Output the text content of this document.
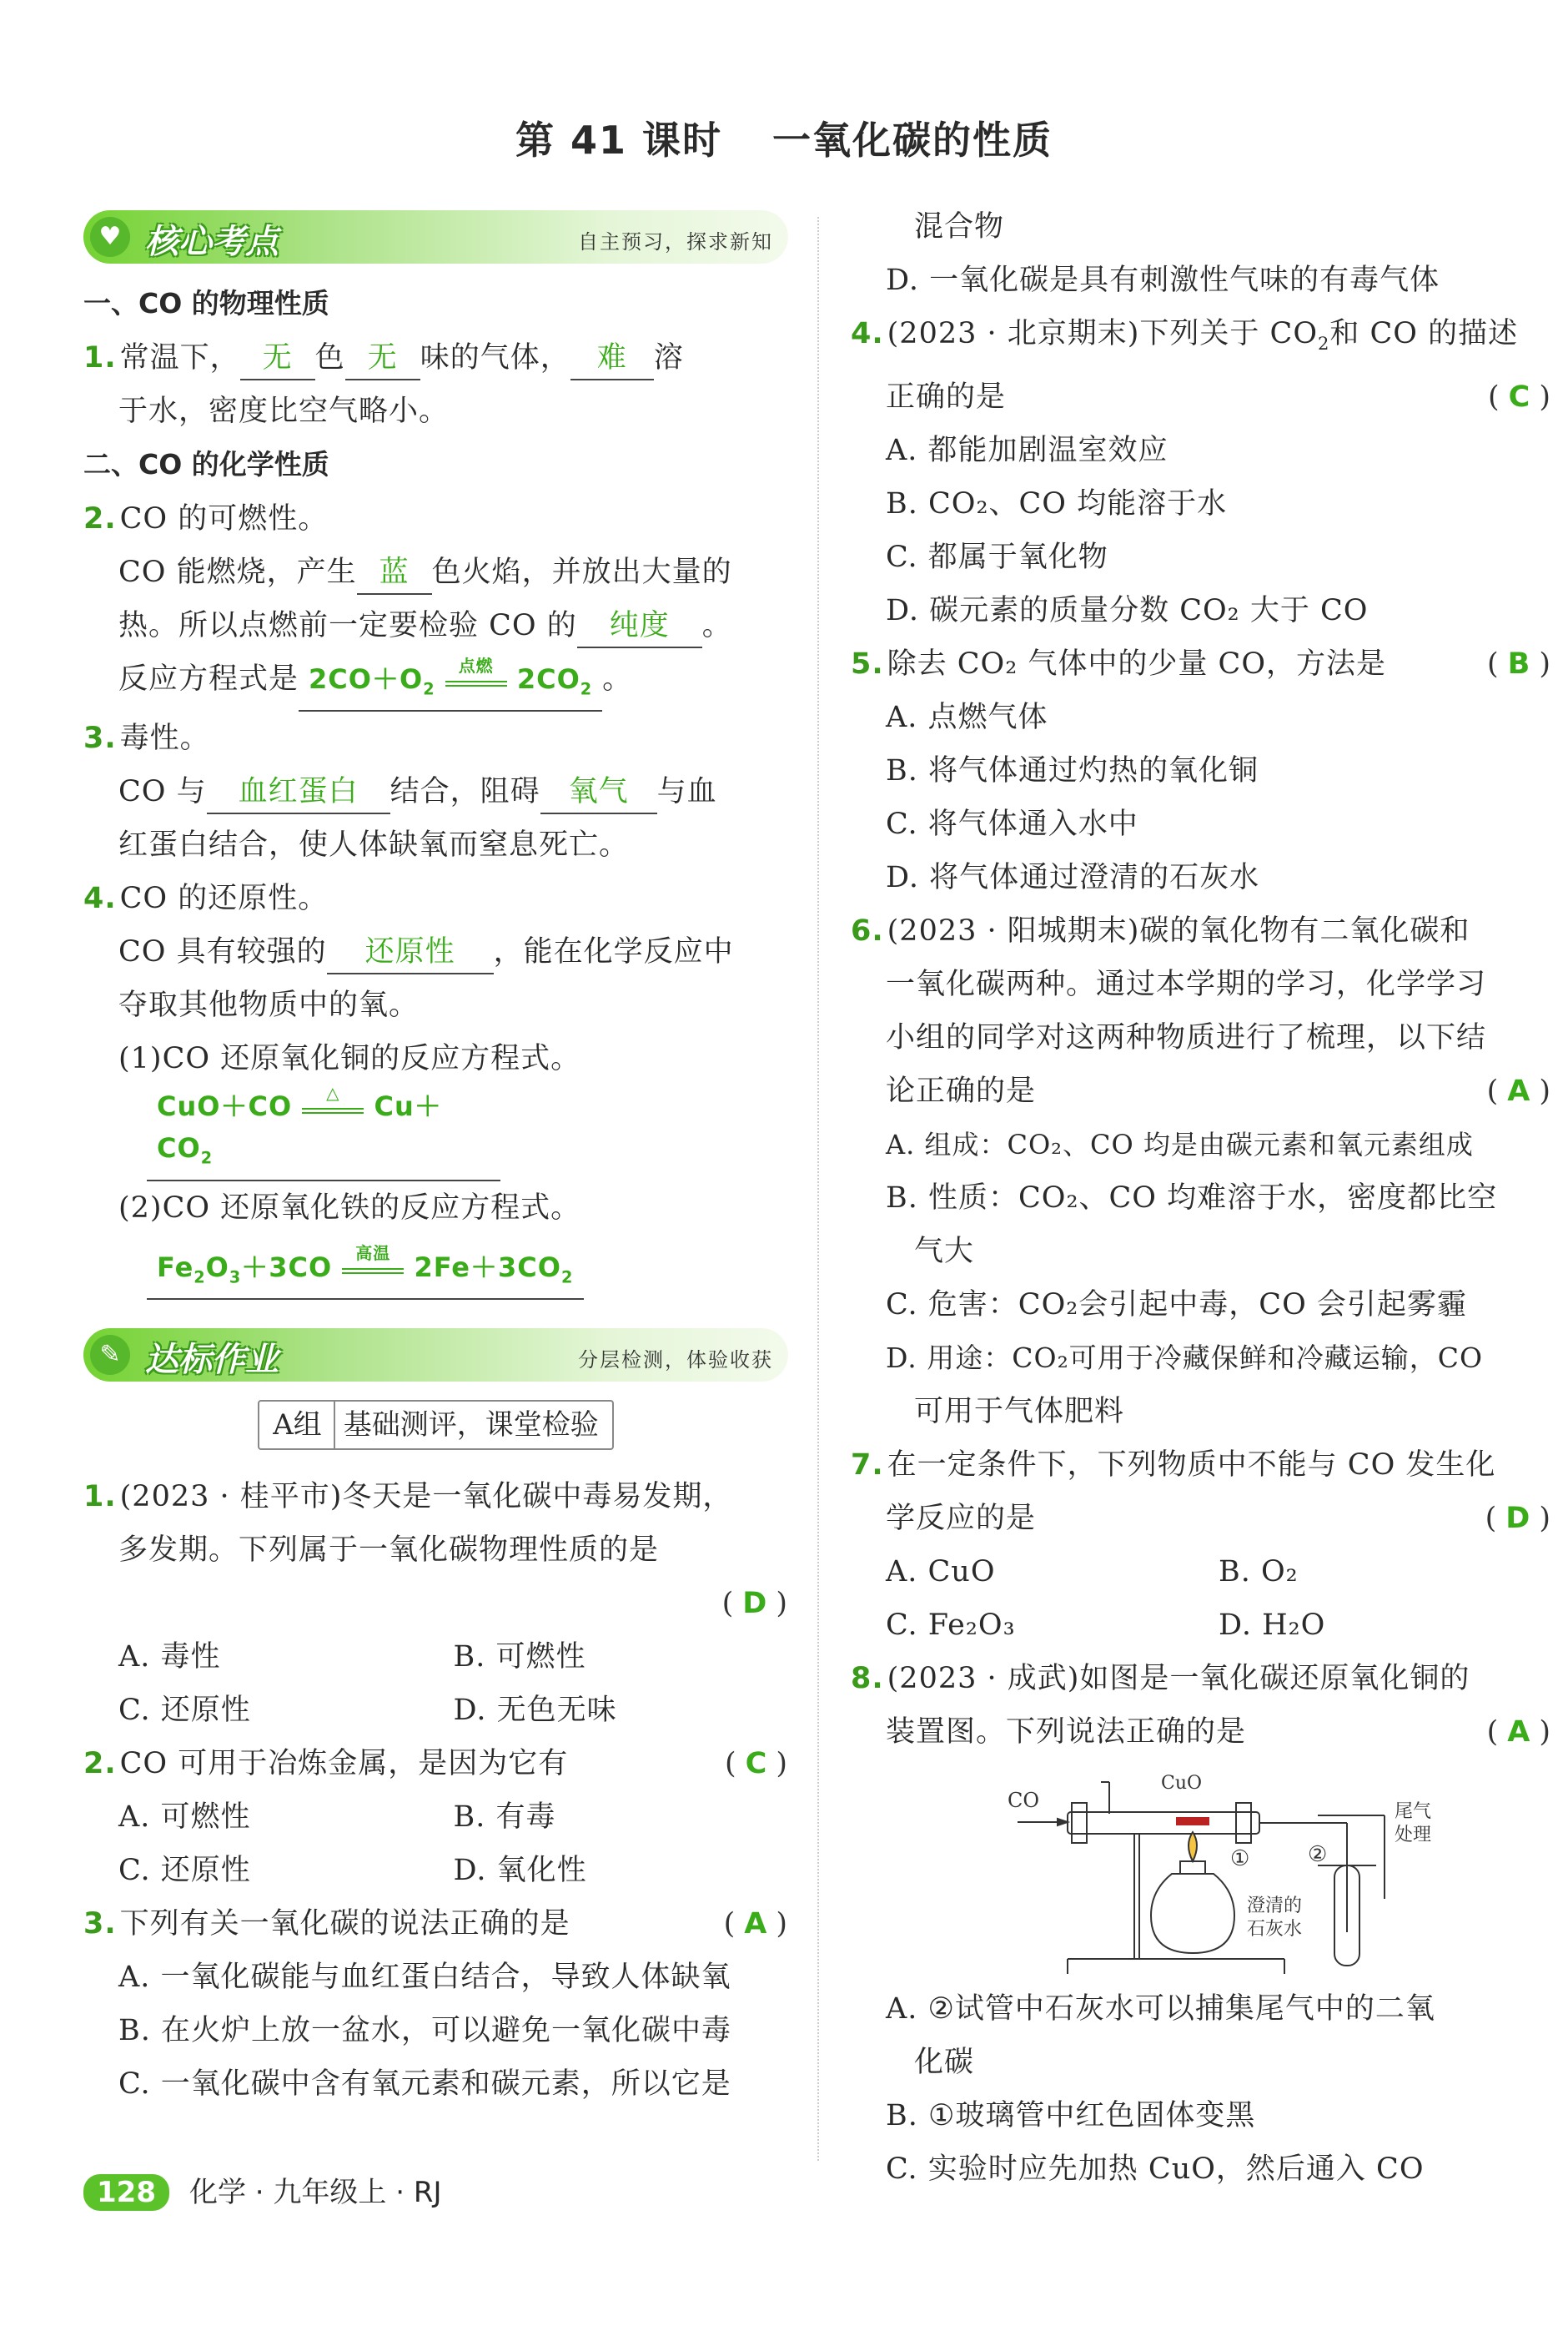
第 41 课时 一氧化碳的性质
♥ 核心考点	自主预习，探求新知
一、CO 的物理性质
1. 常温下， 无 色 无 味的气体， 难 溶
于水，密度比空气略小。
二、CO 的化学性质
2. CO 的可燃性。
CO 能燃烧，产生 蓝 色火焰，并放出大量的
热。所以点燃前一定要检验 CO 的 纯度 。
反应方程式是 $2CO+O_2$
点燃 $2CO_2$ 。
3. 毒性。
CO 与 血红蛋白 结合，阻碍 氧气 与血
红蛋白结合，使人体缺氧而窒息死亡。
4. CO 的还原性。
CO 具有较强的 还原性 ，能在化学反应中
夺取其他物质中的氧。
(1)CO 还原氧化铜的反应方程式。
CuO＋CO	△	$Cu+CO_2$
(2)CO 还原氧化铁的反应方程式。
$Fe_2O_3+3CO$	高温 $2Fe+3CO_2$
✎ 达标作业	分层检测，体验收获
A组 基础测评，课堂检验
1. (2023 · 桂平市)冬天是一氧化碳中毒易发期，
多发期。下列属于一氧化碳物理性质的是
( D )
A. 毒性	B. 可燃性
C. 还原性	D. 无色无味
2. CO 可用于冶炼金属，是因为它有	( C )
A. 可燃性	B. 有毒
C. 还原性	D. 氧化性
3. 下列有关一氧化碳的说法正确的是	( A )
A. 一氧化碳能与血红蛋白结合，导致人体缺氧
B. 在火炉上放一盆水，可以避免一氧化碳中毒
C. 一氧化碳中含有氧元素和碳元素，所以它是
混合物
D. 一氧化碳是具有刺激性气味的有毒气体
4. (2023 · 北京期末)下列关于 $CO_2$和 CO 的描述
正确的是	( C )
A. 都能加剧温室效应
B. CO₂、CO 均能溶于水
C. 都属于氧化物
D. 碳元素的质量分数 CO₂ 大于 CO
5. 除去 CO₂ 气体中的少量 CO，方法是	( B )
A. 点燃气体
B. 将气体通过灼热的氧化铜
C. 将气体通入水中
D. 将气体通过澄清的石灰水
6. (2023 · 阳城期末)碳的氧化物有二氧化碳和
一氧化碳两种。通过本学期的学习，化学学习
小组的同学对这两种物质进行了梳理，以下结
论正确的是	( A )
A. 组成：CO₂、CO 均是由碳元素和氧元素组成
B. 性质：CO₂、CO 均难溶于水，密度都比空
气大
C. 危害：CO₂会引起中毒，CO 会引起雾霾
D. 用途：CO₂可用于冷藏保鲜和冷藏运输，CO
可用于气体肥料
7. 在一定条件下，下列物质中不能与 CO 发生化
学反应的是	( D )
A. CuO	B. O₂
C. Fe₂O₃	D. H₂O
8. (2023 · 成武)如图是一氧化碳还原氧化铜的
装置图。下列说法正确的是	( A )
CO
CuO
①	②
尾气
处理
澄清的
石灰水
A. ②试管中石灰水可以捕集尾气中的二氧
化碳
B. ①玻璃管中红色固体变黑
C. 实验时应先加热 CuO，然后通入 CO
128 化学 · 九年级上 · RJ
